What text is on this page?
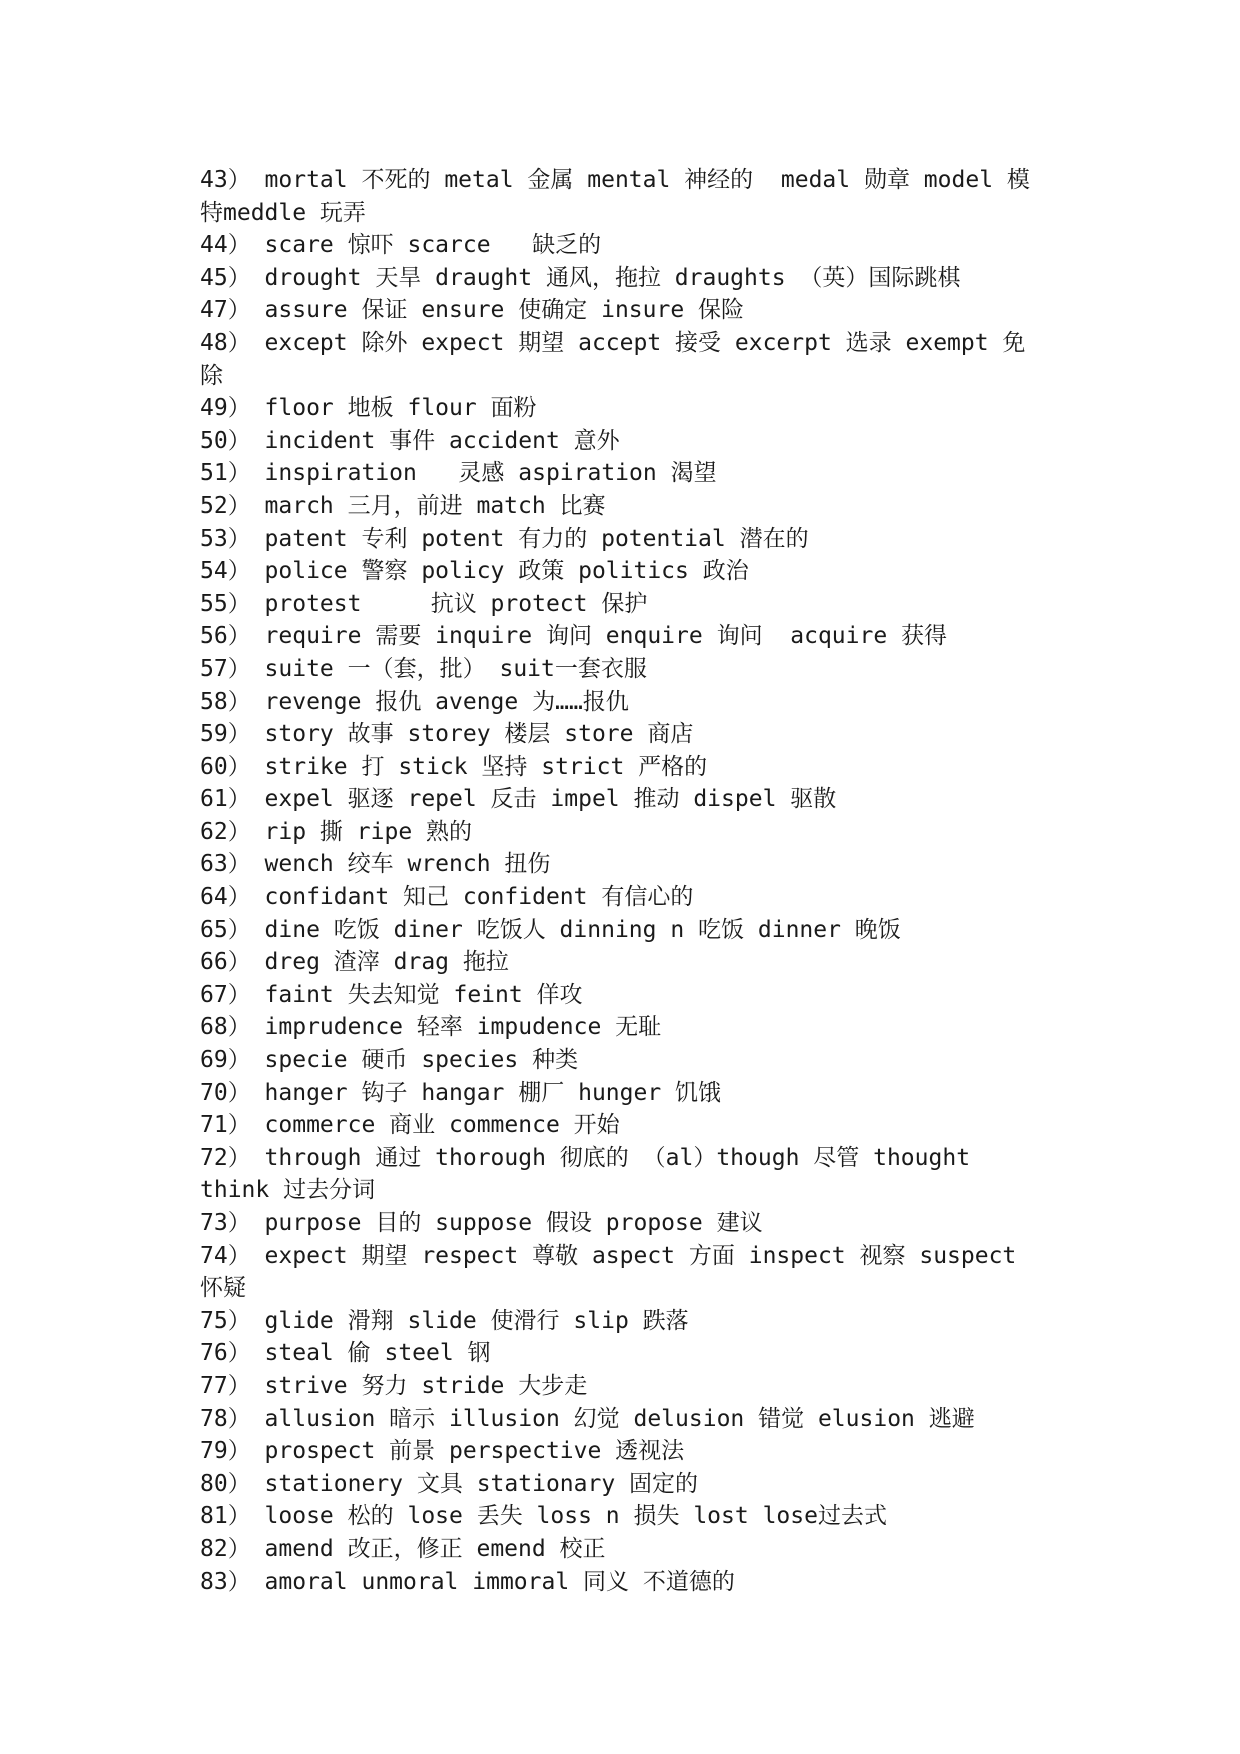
43） mortal 不死的 metal 金属 mental 神经的  medal 勋章 model 模特meddle 玩弄

44） scare 惊吓 scarce   缺乏的

45） drought 天旱 draught 通风，拖拉 draughts （英）国际跳棋

47） assure 保证 ensure 使确定 insure 保险

48） except 除外 expect 期望 accept 接受 excerpt 选录 exempt 免除

49） floor 地板 flour 面粉

50） incident 事件 accident 意外

51） inspiration   灵感 aspiration 渴望

52） march 三月，前进 match 比赛

53） patent 专利 potent 有力的 potential 潜在的

54） police 警察 policy 政策 politics 政治

55） protest     抗议 protect 保护

56） require 需要 inquire 询问 enquire 询问  acquire 获得

57） suite 一（套，批） suit一套衣服

58） revenge 报仇 avenge 为……报仇

59） story 故事 storey 楼层 store 商店

60） strike 打 stick 坚持 strict 严格的

61） expel 驱逐 repel 反击 impel 推动 dispel 驱散

62） rip 撕 ripe 熟的

63） wench 绞车 wrench 扭伤

64） confidant 知己 confident 有信心的

65） dine 吃饭 diner 吃饭人 dinning n 吃饭 dinner 晚饭

66） dreg 渣滓 drag 拖拉

67） faint 失去知觉 feint 佯攻

68） imprudence 轻率 impudence 无耻

69） specie 硬币 species 种类

70） hanger 钩子 hangar 棚厂 hunger 饥饿

71） commerce 商业 commence 开始

72） through 通过 thorough 彻底的 （al）though 尽管 thought think 过去分词

73） purpose 目的 suppose 假设 propose 建议

74） expect 期望 respect 尊敬 aspect 方面 inspect 视察 suspect 怀疑

75） glide 滑翔 slide 使滑行 slip 跌落

76） steal 偷 steel 钢

77） strive 努力 stride 大步走

78） allusion 暗示 illusion 幻觉 delusion 错觉 elusion 逃避

79） prospect 前景 perspective 透视法

80） stationery 文具 stationary 固定的

81） loose 松的 lose 丢失 loss n 损失 lost lose过去式

82） amend 改正，修正 emend 校正

83） amoral unmoral immoral 同义 不道德的
